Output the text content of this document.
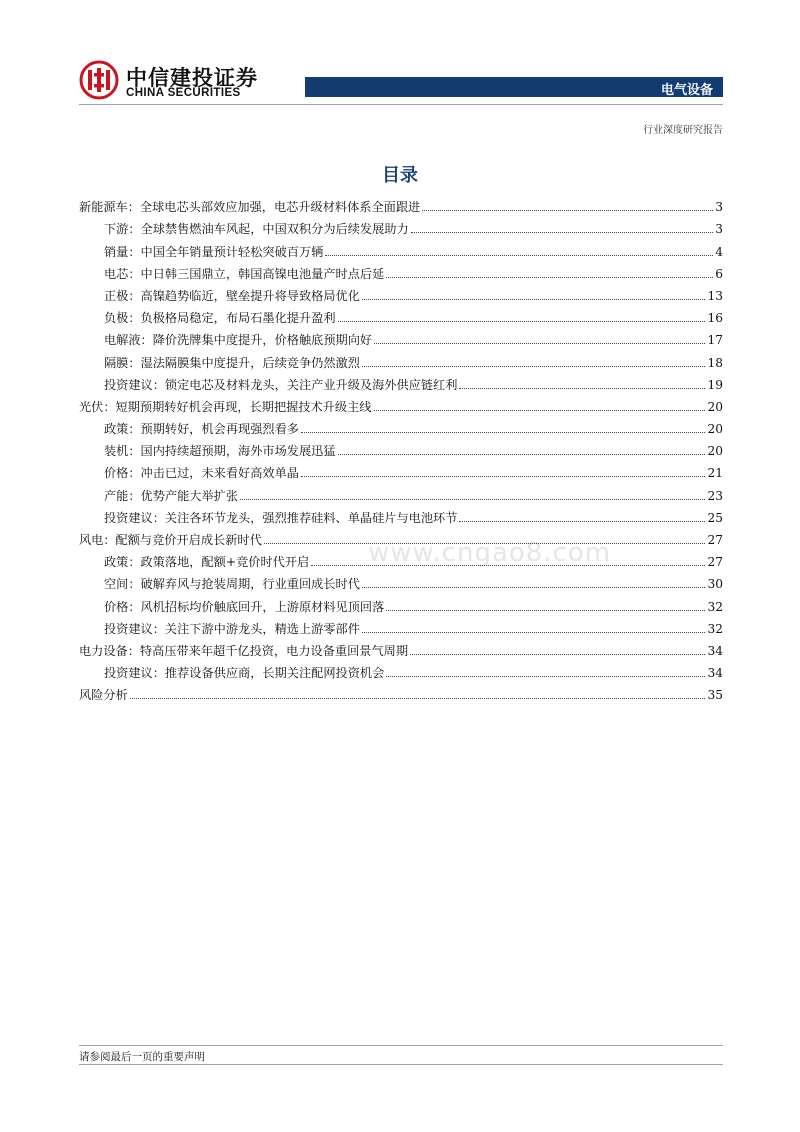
中信建投证券
CHINA SECURITIES	电气设备
行业深度研究报告
目录
www.cngao8.com
新能源车：全球电芯头部效应加强，电芯升级材料体系全面跟进	3
下游：全球禁售燃油车风起，中国双积分为后续发展助力	3
销量：中国全年销量预计轻松突破百万辆	4
电芯：中日韩三国鼎立，韩国高镍电池量产时点后延	6
正极：高镍趋势临近，壁垒提升将导致格局优化	13
负极：负极格局稳定，布局石墨化提升盈利	16
电解液：降价洗牌集中度提升，价格触底预期向好	17
隔膜：湿法隔膜集中度提升，后续竞争仍然激烈	18
投资建议：锁定电芯及材料龙头，关注产业升级及海外供应链红利	19
光伏：短期预期转好机会再现，长期把握技术升级主线	20
政策：预期转好，机会再现强烈看多	20
装机：国内持续超预期，海外市场发展迅猛	20
价格：冲击已过，未来看好高效单晶	21
产能：优势产能大举扩张	23
投资建议：关注各环节龙头，强烈推荐硅料、单晶硅片与电池环节	25
风电：配额与竞价开启成长新时代	27
政策：政策落地，配额+竞价时代开启	27
空间：破解弃风与抢装周期，行业重回成长时代	30
价格：风机招标均价触底回升，上游原材料见顶回落	32
投资建议：关注下游中游龙头，精选上游零部件	32
电力设备：特高压带来年超千亿投资，电力设备重回景气周期	34
投资建议：推荐设备供应商，长期关注配网投资机会	34
风险分析	35
请参阅最后一页的重要声明
